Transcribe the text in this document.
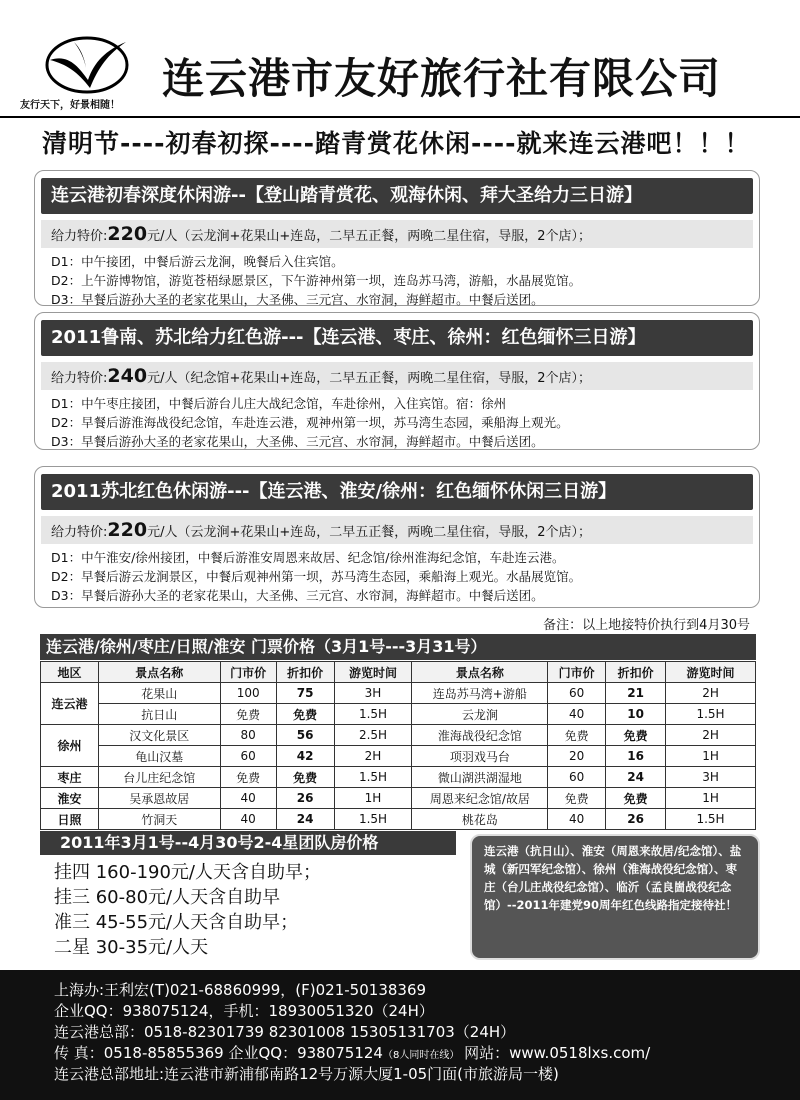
友行天下，好景相随！
连云港市友好旅行社有限公司
清明节----初春初探----踏青赏花休闲----就来连云港吧！！！
连云港初春深度休闲游--【登山踏青赏花、观海休闲、拜大圣给力三日游】
给力特价:220元/人（云龙涧+花果山+连岛，二早五正餐，两晚二星住宿，导服，2个店）；
D1：中午接团，中餐后游云龙涧，晚餐后入住宾馆。
D2：上午游博物馆，游览苍梧绿愿景区，下午游神州第一坝，连岛苏马湾，游船，水晶展览馆。
D3：早餐后游孙大圣的老家花果山，大圣佛、三元宫、水帘洞，海鲜超市。中餐后送团。
2011鲁南、苏北给力红色游---【连云港、枣庄、徐州：红色缅怀三日游】
给力特价:240元/人（纪念馆+花果山+连岛，二早五正餐，两晚二星住宿，导服，2个店）；
D1：中午枣庄接团，中餐后游台儿庄大战纪念馆，车赴徐州，入住宾馆。宿：徐州
D2：早餐后游淮海战役纪念馆，车赴连云港，观神州第一坝，苏马湾生态园，乘船海上观光。
D3：早餐后游孙大圣的老家花果山，大圣佛、三元宫、水帘洞，海鲜超市。中餐后送团。
2011苏北红色休闲游---【连云港、淮安/徐州：红色缅怀休闲三日游】
给力特价:220元/人（云龙涧+花果山+连岛，二早五正餐，两晚二星住宿，导服，2个店）；
D1：中午淮安/徐州接团，中餐后游淮安周恩来故居、纪念馆/徐州淮海纪念馆，车赴连云港。
D2：早餐后游云龙涧景区，中餐后观神州第一坝，苏马湾生态园，乘船海上观光。水晶展览馆。
D3：早餐后游孙大圣的老家花果山，大圣佛、三元宫、水帘洞，海鲜超市。中餐后送团。
备注：以上地接特价执行到4月30号
连云港/徐州/枣庄/日照/淮安 门票价格（3月1号---3月31号）
地区	景点名称	门市价	折扣价	游览时间	景点名称	门市价	折扣价	游览时间
连云港	花果山	100	75	3H	连岛苏马湾+游船	60	21	2H
	抗日山	免费	免费	1.5H	云龙涧	40	10	1.5H
徐州	汉文化景区	80	56	2.5H	淮海战役纪念馆	免费	免费	2H
	龟山汉墓	60	42	2H	项羽戏马台	20	16	1H
枣庄	台儿庄纪念馆	免费	免费	1.5H	微山湖洪湖湿地	60	24	3H
淮安	吴承恩故居	40	26	1H	周恩来纪念馆/故居	免费	免费	1H
日照	竹洞天	40	24	1.5H	桃花岛	40	26	1.5H
2011年3月1号--4月30号2-4星团队房价格
挂四 160-190元/人天含自助早；
挂三 60-80元/人天含自助早
准三 45-55元/人天含自助早；
二星 30-35元/人天
连云港（抗日山）、淮安（周恩来故居/纪念馆）、盐城（新四军纪念馆）、徐州（淮海战役纪念馆）、枣庄（台儿庄战役纪念馆）、临沂（孟良崮战役纪念馆）--2011年建党90周年红色线路指定接待社！
上海办:王利宏(T)021-68860999，(F)021-50138369
企业QQ：938075124，手机：18930051320（24H）
连云港总部：0518-82301739 82301008 15305131703（24H）
传 真：0518-85855369 企业QQ：938075124（8人同时在线） 网站：www.0518lxs.com/
连云港总部地址:连云港市新浦郁南路12号万源大厦1-05门面(市旅游局一楼)
